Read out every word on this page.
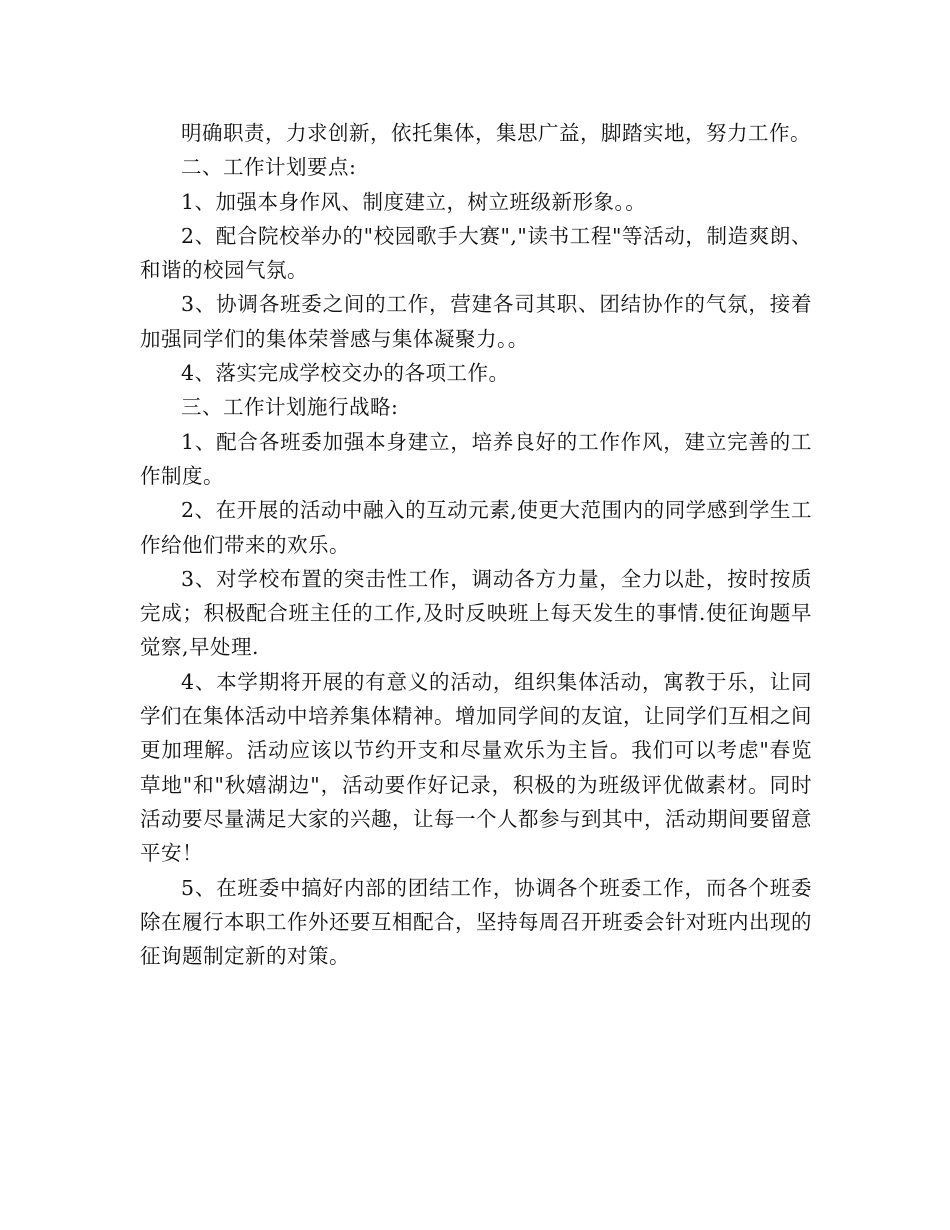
明确职责，力求创新，依托集体，集思广益，脚踏实地，努力工作。

二、工作计划要点:

1、加强本身作风、制度建立，树立班级新形象。。

2、配合院校举办的"校园歌手大赛","读书工程"等活动，制造爽朗、和谐的校园气氛。

3、协调各班委之间的工作，营建各司其职、团结协作的气氛，接着加强同学们的集体荣誉感与集体凝聚力。。

4、落实完成学校交办的各项工作。

三、工作计划施行战略:

1、配合各班委加强本身建立，培养良好的工作作风，建立完善的工作制度。

2、在开展的活动中融入的互动元素,使更大范围内的同学感到学生工作给他们带来的欢乐。

3、对学校布置的突击性工作，调动各方力量，全力以赴，按时按质完成；积极配合班主任的工作,及时反映班上每天发生的事情.使征询题早觉察,早处理.

4、本学期将开展的有意义的活动，组织集体活动，寓教于乐，让同学们在集体活动中培养集体精神。增加同学间的友谊，让同学们互相之间更加理解。活动应该以节约开支和尽量欢乐为主旨。我们可以考虑"春览草地"和"秋嬉湖边"，活动要作好记录，积极的为班级评优做素材。同时活动要尽量满足大家的兴趣，让每一个人都参与到其中，活动期间要留意平安！

5、在班委中搞好内部的团结工作，协调各个班委工作，而各个班委除在履行本职工作外还要互相配合，坚持每周召开班委会针对班内出现的征询题制定新的对策。
